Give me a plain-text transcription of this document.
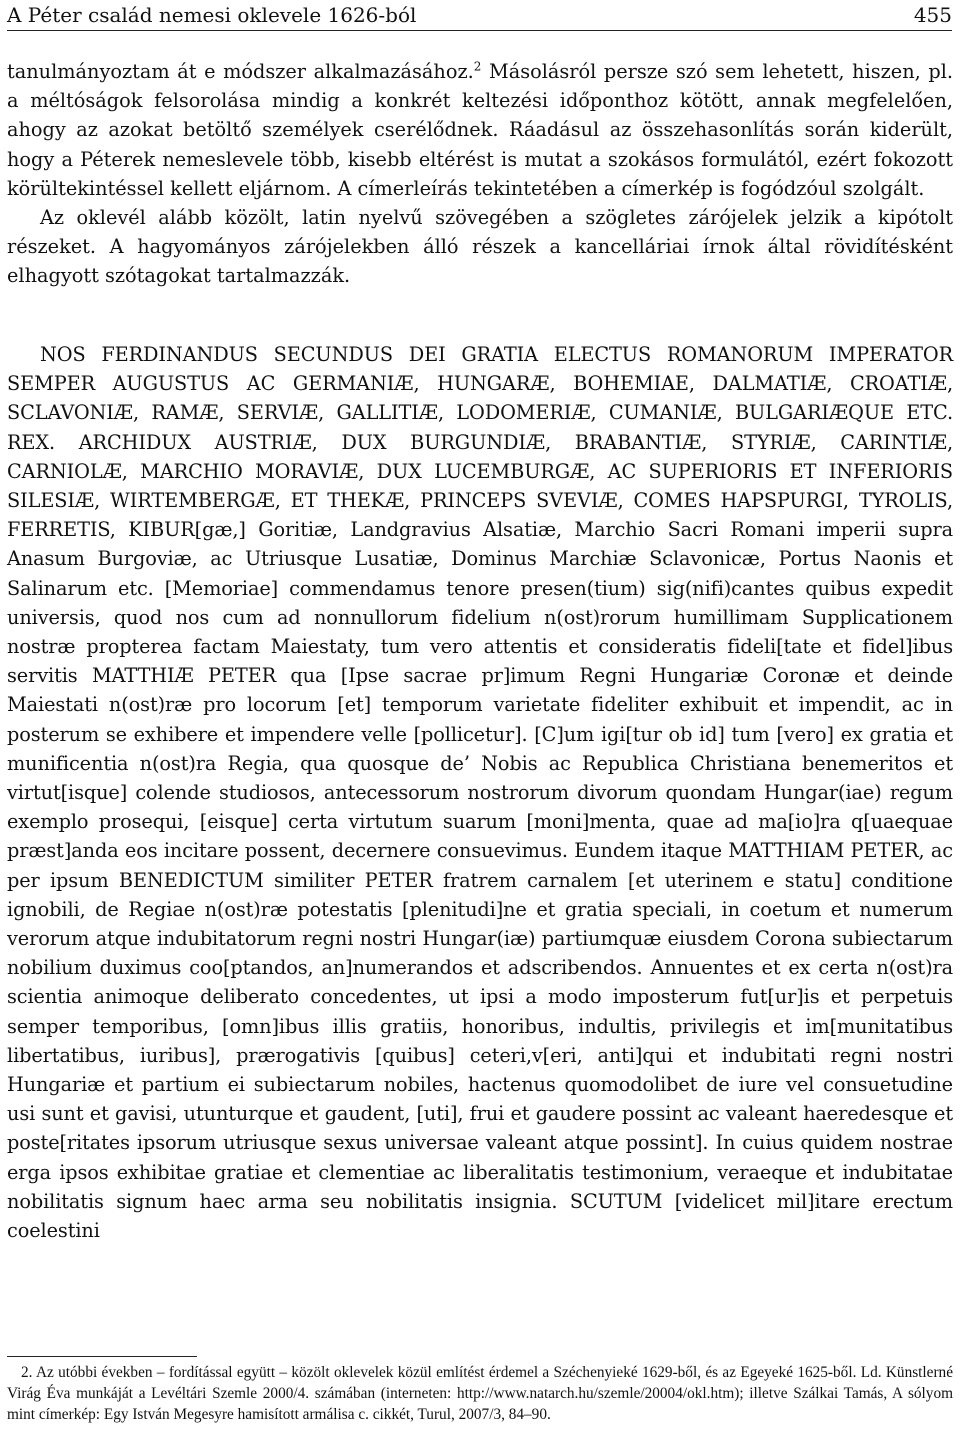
A Péter család nemesi oklevele 1626-ból	455

tanulmányoztam át e módszer alkalmazásához.$^2$ Másolásról persze szó sem lehetett, hiszen, pl. a méltóságok felsorolása mindig a konkrét keltezési időponthoz kötött, annak megfelelően, ahogy az azokat betöltő személyek cserélődnek. Ráadásul az összehasonlítás során kiderült, hogy a Péterek nemeslevele több, kisebb eltérést is mutat a szokásos formulától, ezért fokozott körültekintéssel kellett eljárnom. A címerleírás tekintetében a címerkép is fogódzóul szolgált.

Az oklevél alább közölt, latin nyelvű szövegében a szögletes zárójelek jelzik a kipótolt részeket. A hagyományos zárójelekben álló részek a kancelláriai írnok által rövidítésként elhagyott szótagokat tartalmazzák.

NOS FERDINANDUS SECUNDUS DEI GRATIA ELECTUS ROMANORUM IMPERATOR SEMPER AUGUSTUS AC GERMANIÆ, HUNGARÆ, BOHEMIAE, DALMATIÆ, CROATIÆ, SCLAVONIÆ, RAMÆ, SERVIÆ, GALLITIÆ, LODOMERIÆ, CUMANIÆ, BULGARIÆQUE ETC. REX. ARCHIDUX AUSTRIÆ, DUX BURGUNDIÆ, BRABANTIÆ, STYRIÆ, CARINTIÆ, CARNIOLÆ, MARCHIO MORAVIÆ, DUX LUCEMBURGÆ, AC SUPERIORIS ET INFERIORIS SILESIÆ, WIRTEMBERGÆ, ET THEKÆ, PRINCEPS SVEVIÆ, COMES HAPSPURGI, TYROLIS, FERRETIS, KIBUR[gæ,] Goritiæ, Landgravius Alsatiæ, Marchio Sacri Romani imperii supra Anasum Burgoviæ, ac Utriusque Lusatiæ, Dominus Marchiæ Sclavonicæ, Portus Naonis et Salinarum etc. [Memoriae] commendamus tenore presen(tium) sig(nifi)cantes quibus expedit universis, quod nos cum ad nonnullorum fidelium n(ost)rorum humillimam Supplicationem nostræ propterea factam Maiestaty, tum vero attentis et consideratis fideli[tate et fidel]ibus servitis MATTHIÆ PETER qua [Ipse sacrae pr]imum Regni Hungariæ Coronæ et deinde Maiestati n(ost)ræ pro locorum [et] temporum varietate fideliter exhibuit et impendit, ac in posterum se exhibere et impendere velle [pollicetur]. [C]um igi[tur ob id] tum [vero] ex gratia et munificentia n(ost)ra Regia, qua quosque de’ Nobis ac Republica Christiana benemeritos et virtut[isque] colende studiosos, antecessorum nostrorum divorum quondam Hungar(iae) regum exemplo prosequi, [eisque] certa virtutum suarum [moni]menta, quae ad ma[io]ra q[uaequae præst]anda eos incitare possent, decernere consuevimus. Eundem itaque MATTHIAM PETER, ac per ipsum BENEDICTUM similiter PETER fratrem carnalem [et uterinem e statu] conditione ignobili, de Regiae n(ost)ræ potestatis [plenitudi]ne et gratia speciali, in coetum et numerum verorum atque indubitatorum regni nostri Hungar(iæ) partiumquæ eiusdem Corona subiectarum nobilium duximus coo[ptandos, an]numerandos et adscribendos. Annuentes et ex certa n(ost)ra scientia animoque deliberato concedentes, ut ipsi a modo imposterum fut[ur]is et perpetuis semper temporibus, [omn]ibus illis gratiis, honoribus, indultis, privilegis et im[munitatibus libertatibus, iuribus], prærogativis [quibus] ceteri,v[eri, anti]qui et indubitati regni nostri Hungariæ et partium ei subiectarum nobiles, hactenus quomodolibet de iure vel consuetudine usi sunt et gavisi, utunturque et gaudent, [uti], frui et gaudere possint ac valeant haeredesque et poste[ritates ipsorum utriusque sexus universae valeant atque possint]. In cuius quidem nostrae erga ipsos exhibitae gratiae et clementiae ac liberalitatis testimonium, veraeque et indubitatae nobilitatis signum haec arma seu nobilitatis insignia. SCUTUM [videlicet mil]itare erectum coelestini

2. Az utóbbi években – fordítással együtt – közölt oklevelek közül említést érdemel a Széchenyieké 1629-ből, és az Egeyeké 1625-ből. Ld. Künstlerné Virág Éva munkáját a Levéltári Szemle 2000/4. számában (interneten: http://www.natarch.hu/szemle/20004/okl.htm); illetve Szálkai Tamás, A sólyom mint címerkép: Egy István Megesyre hamisított armálisa c. cikkét, Turul, 2007/3, 84–90.
